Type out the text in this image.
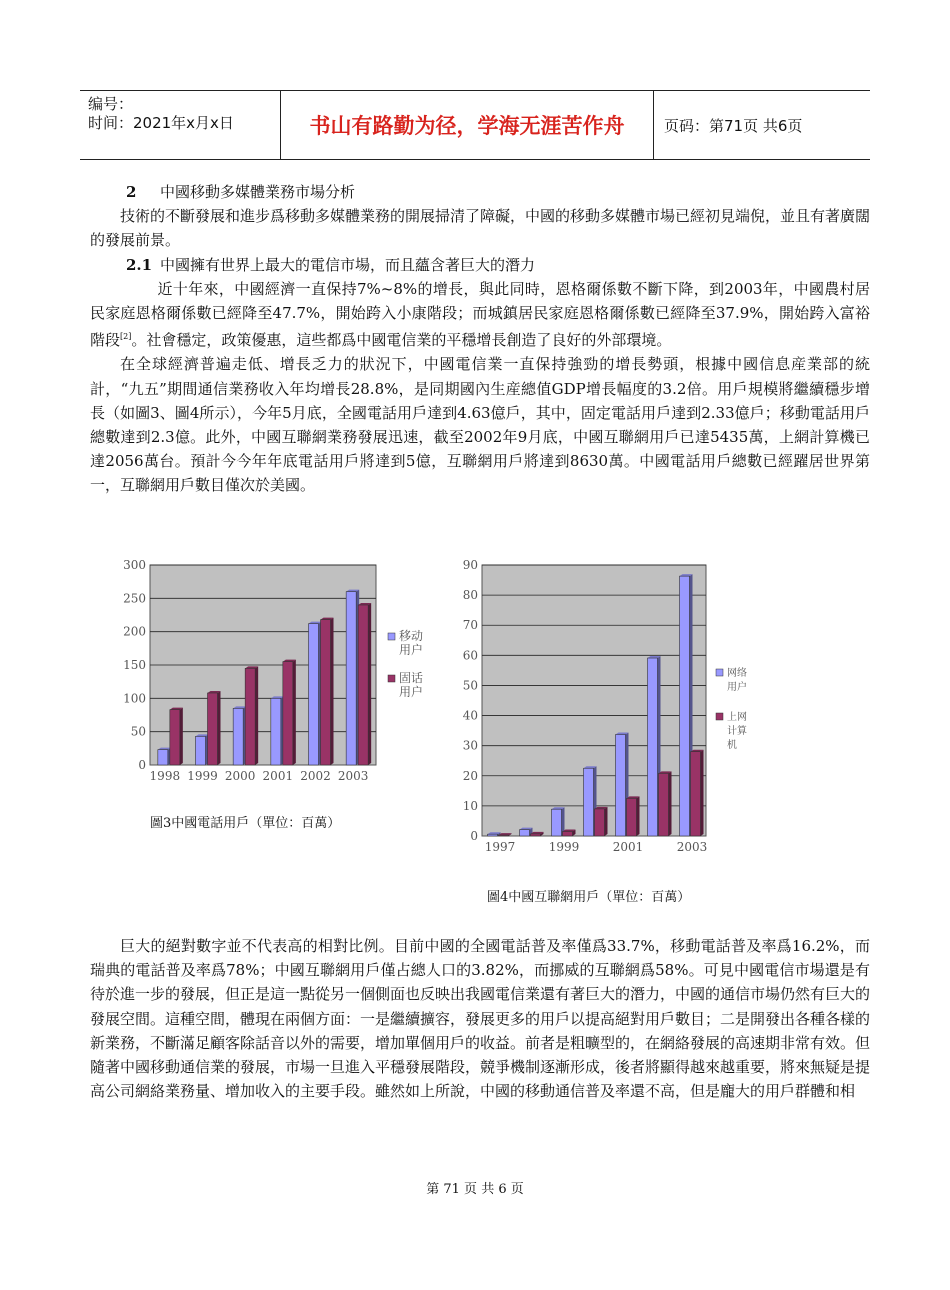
编号：
时间：2021年x月x日	书山有路勤为径，学海无涯苦作舟	页码：第71页 共6页

2 中國移動多媒體業務市場分析

技術的不斷發展和進步爲移動多媒體業務的開展掃清了障礙，中國的移動多媒體市場已經初見端倪，並且有著廣闊的發展前景。

2.1 中國擁有世界上最大的電信市場，而且蘊含著巨大的潛力

近十年來，中國經濟一直保持7%~8%的增長，與此同時，恩格爾係數不斷下降，到2003年，中國農村居民家庭恩格爾係數已經降至47.7%，開始跨入小康階段；而城鎮居民家庭恩格爾係數已經降至37.9%，開始跨入富裕階段[2]。社會穩定，政策優惠，這些都爲中國電信業的平穩增長創造了良好的外部環境。

在全球經濟普遍走低、增長乏力的狀況下，中國電信業一直保持強勁的增長勢頭，根據中國信息産業部的統計，“九五”期間通信業務收入年均增長28.8%，是同期國內生産總值GDP增長幅度的3.2倍。用戶規模將繼續穩步增長（如圖3、圖4所示），今年5月底，全國電話用戶達到4.63億戶，其中，固定電話用戶達到2.33億戶；移動電話用戶總數達到2.3億。此外，中國互聯網業務發展迅速，截至2002年9月底，中國互聯網用戶已達5435萬，上網計算機已達2056萬台。預計今今年年底電話用戶將達到5億，互聯網用戶將達到8630萬。中國電話用戶總數已經躍居世界第一，互聯網用戶數目僅次於美國。

0
50
100
150
200
250
300
1998 1999 2000 2001 2002 2003
移动
用户
固话
用户
圖3中國電話用戶（單位：百萬）
0
10
20
30
40
50
60
70
80
90
1997	1999	2001	2003
网络
用户
上网
计算
机
圖4中國互聯網用戶（單位：百萬）

巨大的絕對數字並不代表高的相對比例。目前中國的全國電話普及率僅爲33.7%，移動電話普及率爲16.2%，而瑞典的電話普及率爲78%；中國互聯網用戶僅占總人口的3.82%，而挪威的互聯網爲58%。可見中國電信市場還是有待於進一步的發展，但正是這一點從另一個側面也反映出我國電信業還有著巨大的潛力，中國的通信市場仍然有巨大的發展空間。這種空間，體現在兩個方面：一是繼續擴容，發展更多的用戶以提高絕對用戶數目；二是開發出各種各樣的新業務，不斷滿足顧客除話音以外的需要，增加單個用戶的收益。前者是粗曠型的，在網絡發展的高速期非常有效。但隨著中國移動通信業的發展，市場一旦進入平穩發展階段，競爭機制逐漸形成，後者將顯得越來越重要，將來無疑是提高公司網絡業務量、增加收入的主要手段。雖然如上所說，中國的移動通信普及率還不高，但是龐大的用戶群體和相

第 71 页 共 6 页
